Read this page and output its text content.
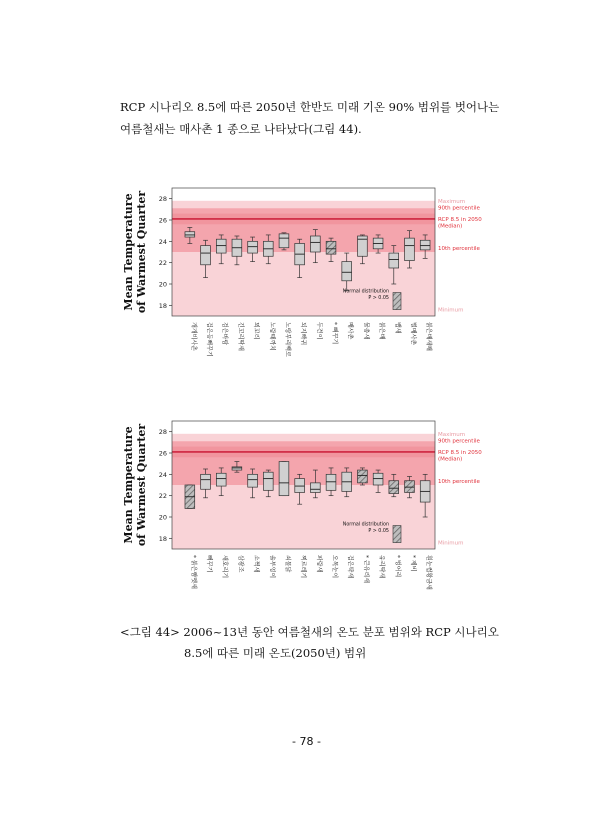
RCP 시나리오 8.5에 따른 2050년 한반도 미래 기온 90% 범위를 벗어나는
여름철새는 매사촌 1 종으로 나타났다(그림 44).

18
20
22
24
26
28
Mean Temperature of Warmest Quarter
개개비사촌 검은등뻐꾸기 검은바람 긴꼬리딱새 꾀꼬리 노랑때까치 노랑부리백로 되지빠귀 두견이 * 뻐꾸기 매사촌 물총새 붉은배 뱁새 벌매사촌 붉은배새매
Normal distribution
P > 0.05
Maximum
90th percentile
RCP 8.5 in 2050
(Median)
10th percentile
Minimum
18
20
22
24
26
28
Mean Temperature of Warmest Quarter
* 붉은뺨멧새 뻐꾸기 새호리기 삼광조 소쩍새 솔부엉이 쇠물닭 찌르레기 파랑새 오목눈이 검은딱새 * 큰유리새 유리딱새 * 벙어리 * 제비 흰눈썹황금새
Normal distribution
P > 0.05
Maximum
90th percentile
RCP 8.5 in 2050
(Median)
10th percentile
Minimum

<그림 44> 2006~13년 동안 여름철새의 온도 분포 범위와 RCP 시나리오
8.5에 따른 미래 온도(2050년) 범위

- 78 -
